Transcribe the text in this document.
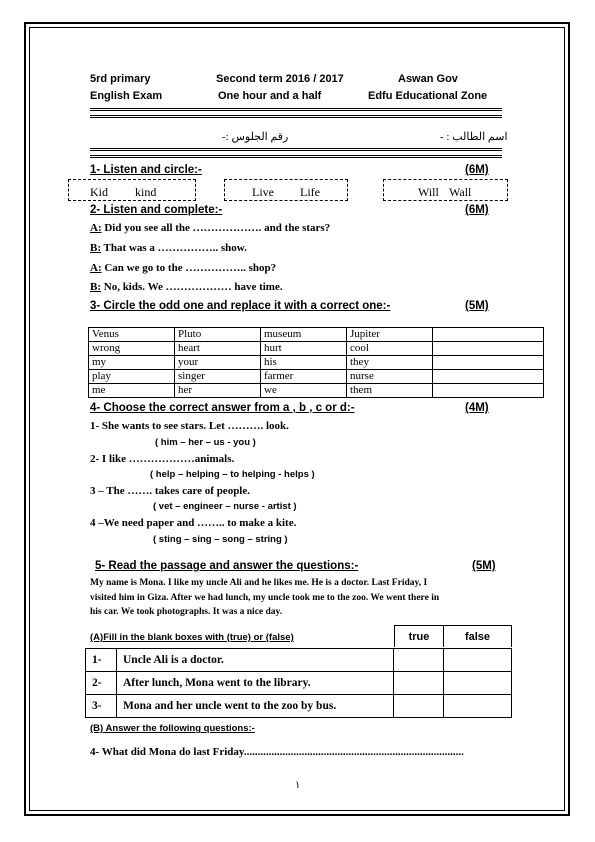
5rd primary	Second term 2016 / 2017	Aswan Gov
English Exam	One hour and a half	Edfu Educational Zone
اسم الطالب : -
رقم الجلوس :-
1- Listen and circle:-	(6M)
Kid kind	Live Life	Will Wall
2- Listen and complete:-	(6M)
A: Did you see all the ………………. and the stars?
B: That was a …………….. show.
A: Can we go to the …………….. shop?
B: No, kids. We ……………… have time.
3- Circle the odd one and replace it with a correct one:-	(5M)
Venus	Pluto	museum	Jupiter	
wrong	heart	hurt	cool	
my	your	his	they	
play	singer	farmer	nurse	
me	her	we	them	
4- Choose the correct answer from a , b , c or d:-	(4M)
1- She wants to see stars. Let ………. look.
( him – her – us - you )
2- I like ………………animals.
( help – helping – to helping - helps )
3 – The ……. takes care of people.
( vet – engineer – nurse - artist )
4 –We need paper and …….. to make a kite.
( sting – sing – song – string )
5- Read the passage and answer the questions:-	(5M)
My name is Mona. I like my uncle Ali and he likes me. He is a doctor. Last Friday, I
visited him in Giza. After we had lunch, my uncle took me to the zoo. We went there in
his car. We took photographs. It was a nice day.
(A)Fill in the blank boxes with (true) or (false)	true	false
1-	Uncle Ali is a doctor.		
2-	After lunch, Mona went to the library.		
3-	Mona and her uncle went to the zoo by bus.		
(B) Answer the following questions:-
4- What did Mona do last Friday................................................................................
١
